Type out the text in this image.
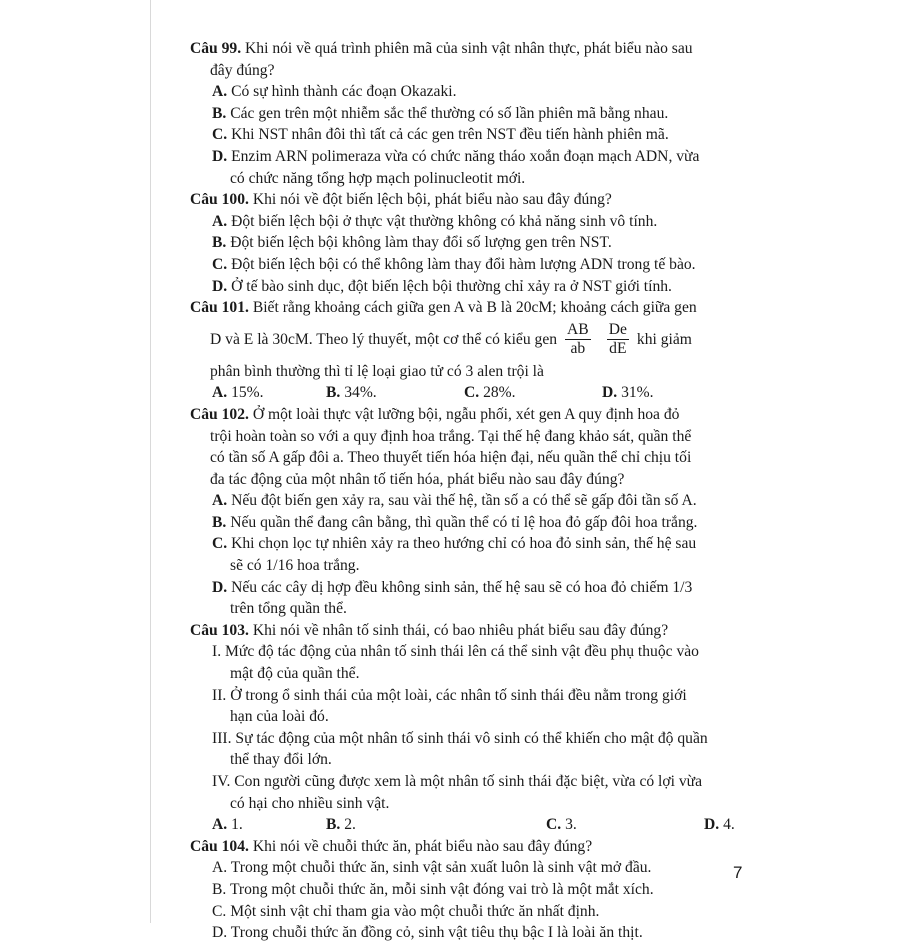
Câu 99. Khi nói về quá trình phiên mã của sinh vật nhân thực, phát biểu nào sau
đây đúng?
A. Có sự hình thành các đoạn Okazaki.
B. Các gen trên một nhiễm sắc thể thường có số lần phiên mã bằng nhau.
C. Khi NST nhân đôi thì tất cả các gen trên NST đều tiến hành phiên mã.
D. Enzim ARN polimeraza vừa có chức năng tháo xoắn đoạn mạch ADN, vừa
có chức năng tổng hợp mạch polinucleotit mới.
Câu 100. Khi nói về đột biến lệch bội, phát biểu nào sau đây đúng?
A. Đột biến lệch bội ở thực vật thường không có khả năng sinh vô tính.
B. Đột biến lệch bội không làm thay đổi số lượng gen trên NST.
C. Đột biến lệch bội có thể không làm thay đổi hàm lượng ADN trong tế bào.
D. Ở tế bào sinh dục, đột biến lệch bội thường chỉ xảy ra ở NST giới tính.
Câu 101. Biết rằng khoảng cách giữa gen A và B là 20cM; khoảng cách giữa gen
D và E là 30cM. Theo lý thuyết, một cơ thể có kiểu gen $\frac{AB}{ab} \frac{De}{dE}$ khi giảm
phân bình thường thì tỉ lệ loại giao tử có 3 alen trội là
A. 15%.	B. 34%.	C. 28%.	D. 31%.
Câu 102. Ở một loài thực vật lưỡng bội, ngẫu phối, xét gen A quy định hoa đỏ
trội hoàn toàn so với a quy định hoa trắng. Tại thế hệ đang khảo sát, quần thể
có tần số A gấp đôi a. Theo thuyết tiến hóa hiện đại, nếu quần thể chỉ chịu tối
đa tác động của một nhân tố tiến hóa, phát biểu nào sau đây đúng?
A. Nếu đột biến gen xảy ra, sau vài thế hệ, tần số a có thể sẽ gấp đôi tần số A.
B. Nếu quần thể đang cân bằng, thì quần thể có tỉ lệ hoa đỏ gấp đôi hoa trắng.
C. Khi chọn lọc tự nhiên xảy ra theo hướng chỉ có hoa đỏ sinh sản, thế hệ sau
sẽ có 1/16 hoa trắng.
D. Nếu các cây dị hợp đều không sinh sản, thế hệ sau sẽ có hoa đỏ chiếm 1/3
trên tổng quần thể.
Câu 103. Khi nói về nhân tố sinh thái, có bao nhiêu phát biểu sau đây đúng?
I. Mức độ tác động của nhân tố sinh thái lên cá thể sinh vật đều phụ thuộc vào
mật độ của quần thể.
II. Ở trong ổ sinh thái của một loài, các nhân tố sinh thái đều nằm trong giới
hạn của loài đó.
III. Sự tác động của một nhân tố sinh thái vô sinh có thể khiến cho mật độ quần
thể thay đổi lớn.
IV. Con người cũng được xem là một nhân tố sinh thái đặc biệt, vừa có lợi vừa
có hại cho nhiều sinh vật.
A. 1.	B. 2.	C. 3.	D. 4.
Câu 104. Khi nói về chuỗi thức ăn, phát biểu nào sau đây đúng?
A. Trong một chuỗi thức ăn, sinh vật sản xuất luôn là sinh vật mở đầu.
B. Trong một chuỗi thức ăn, mỗi sinh vật đóng vai trò là một mắt xích.
C. Một sinh vật chỉ tham gia vào một chuỗi thức ăn nhất định.
D. Trong chuỗi thức ăn đồng cỏ, sinh vật tiêu thụ bậc I là loài ăn thịt.
7
